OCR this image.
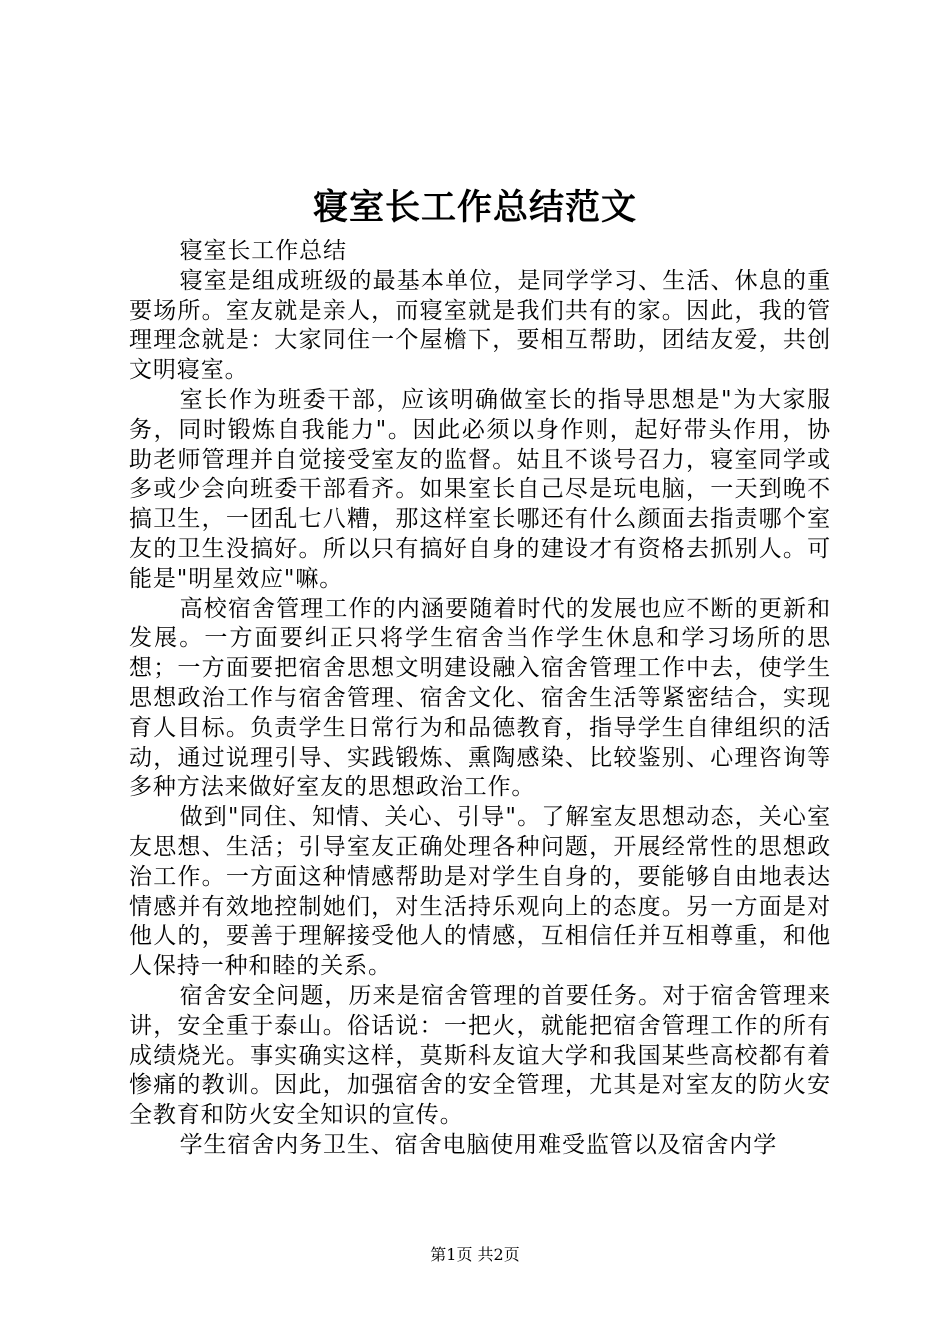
寝室长工作总结范文

寝室长工作总结

寝室是组成班级的最基本单位，是同学学习、生活、休息的重要场所。室友就是亲人，而寝室就是我们共有的家。因此，我的管理理念就是：大家同住一个屋檐下，要相互帮助，团结友爱，共创文明寝室。

室长作为班委干部，应该明确做室长的指导思想是"为大家服务，同时锻炼自我能力"。因此必须以身作则，起好带头作用，协助老师管理并自觉接受室友的监督。姑且不谈号召力，寝室同学或多或少会向班委干部看齐。如果室长自己尽是玩电脑，一天到晚不搞卫生，一团乱七八糟，那这样室长哪还有什么颜面去指责哪个室友的卫生没搞好。所以只有搞好自身的建设才有资格去抓别人。可能是"明星效应"嘛。

高校宿舍管理工作的内涵要随着时代的发展也应不断的更新和发展。一方面要纠正只将学生宿舍当作学生休息和学习场所的思想；一方面要把宿舍思想文明建设融入宿舍管理工作中去，使学生思想政治工作与宿舍管理、宿舍文化、宿舍生活等紧密结合，实现育人目标。负责学生日常行为和品德教育，指导学生自律组织的活动，通过说理引导、实践锻炼、熏陶感染、比较鉴别、心理咨询等多种方法来做好室友的思想政治工作。

做到"同住、知情、关心、引导"。了解室友思想动态，关心室友思想、生活；引导室友正确处理各种问题，开展经常性的思想政治工作。一方面这种情感帮助是对学生自身的，要能够自由地表达情感并有效地控制她们，对生活持乐观向上的态度。另一方面是对他人的，要善于理解接受他人的情感，互相信任并互相尊重，和他人保持一种和睦的关系。

宿舍安全问题，历来是宿舍管理的首要任务。对于宿舍管理来讲，安全重于泰山。俗话说：一把火，就能把宿舍管理工作的所有成绩烧光。事实确实这样，莫斯科友谊大学和我国某些高校都有着惨痛的教训。因此，加强宿舍的安全管理，尤其是对室友的防火安全教育和防火安全知识的宣传。

学生宿舍内务卫生、宿舍电脑使用难受监管以及宿舍内学

第1页 共2页
